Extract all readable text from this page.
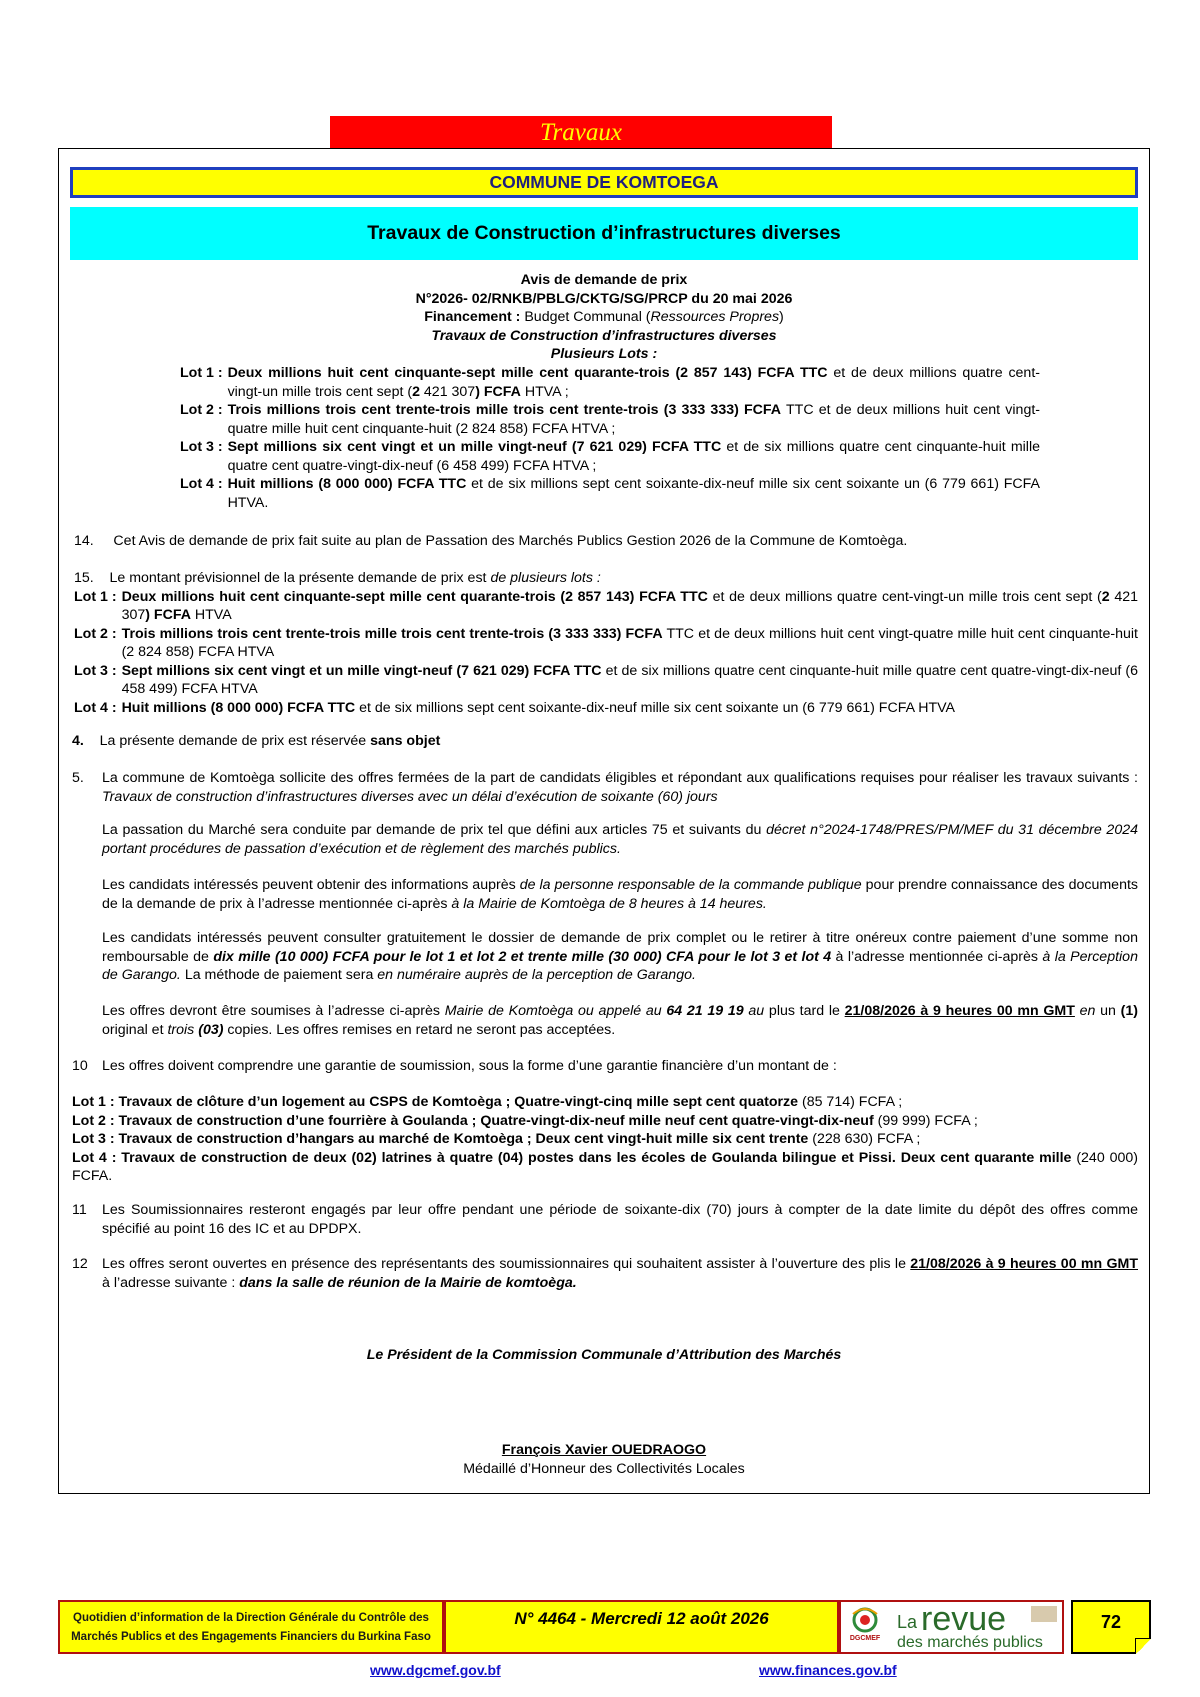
Travaux
COMMUNE DE KOMTOEGA
Travaux de Construction d’infrastructures diverses
Avis de demande de prix
N°2026- 02/RNKB/PBLG/CKTG/SG/PRCP du 20 mai 2026
Financement : Budget Communal (Ressources Propres)
Travaux de Construction d’infrastructures diverses
Plusieurs Lots :
Lot 1 : Deux millions huit cent cinquante-sept mille cent quarante-trois (2 857 143) FCFA TTC et de deux millions quatre cent-vingt-un mille trois cent sept (2 421 307) FCFA HTVA ;
Lot 2 : Trois millions trois cent trente-trois mille trois cent trente-trois (3 333 333) FCFA TTC et de deux millions huit cent vingt-quatre mille huit cent cinquante-huit (2 824 858) FCFA HTVA ;
Lot 3 : Sept millions six cent vingt et un mille vingt-neuf (7 621 029) FCFA TTC et de six millions quatre cent cinquante-huit mille quatre cent quatre-vingt-dix-neuf (6 458 499) FCFA HTVA ;
Lot 4 : Huit millions (8 000 000) FCFA TTC et de six millions sept cent soixante-dix-neuf mille six cent soixante un (6 779 661) FCFA HTVA.
14.     Cet Avis de demande de prix fait suite au plan de Passation des Marchés Publics Gestion 2026 de la Commune de Komtoèga.
15.    Le montant prévisionnel de la présente demande de prix est de plusieurs lots :
Lot 1 : Deux millions huit cent cinquante-sept mille cent quarante-trois (2 857 143) FCFA TTC et de deux millions quatre cent-vingt-un mille trois cent sept (2 421 307) FCFA HTVA
Lot 2 : Trois millions trois cent trente-trois mille trois cent trente-trois (3 333 333) FCFA TTC et de deux millions huit cent vingt-quatre mille huit cent cinquante-huit (2 824 858) FCFA HTVA
Lot 3 : Sept millions six cent vingt et un mille vingt-neuf (7 621 029) FCFA TTC et de six millions quatre cent cinquante-huit mille quatre cent quatre-vingt-dix-neuf (6 458 499) FCFA HTVA
Lot 4 : Huit millions (8 000 000) FCFA TTC et de six millions sept cent soixante-dix-neuf mille six cent soixante un (6 779 661) FCFA HTVA
4. La présente demande de prix est réservée sans objet
5. La commune de Komtoèga sollicite des offres fermées de la part de candidats éligibles et répondant aux qualifications requises pour réaliser les travaux suivants : Travaux de construction d’infrastructures diverses avec un délai d’exécution de soixante (60) jours
La passation du Marché sera conduite par demande de prix tel que défini aux articles 75 et suivants du décret n°2024-1748/PRES/PM/MEF du 31 décembre 2024 portant procédures de passation d’exécution et de règlement des marchés publics.
Les candidats intéressés peuvent obtenir des informations auprès de la personne responsable de la commande publique pour prendre connaissance des documents de la demande de prix à l’adresse mentionnée ci-après à la Mairie de Komtoèga de 8 heures à 14 heures.
Les candidats intéressés peuvent consulter gratuitement le dossier de demande de prix complet ou le retirer à titre onéreux contre paiement d’une somme non remboursable de dix mille (10 000) FCFA pour le lot 1 et lot 2 et trente mille (30 000) CFA pour le lot 3 et lot 4 à l’adresse mentionnée ci-après à la Perception de Garango. La méthode de paiement sera en numéraire auprès de la perception de Garango.
Les offres devront être soumises à l’adresse ci-après Mairie de Komtoèga ou appelé au 64 21 19 19 au plus tard le 21/08/2026 à 9 heures 00 mn GMT en un (1) original et trois (03) copies. Les offres remises en retard ne seront pas acceptées.
10 Les offres doivent comprendre une garantie de soumission, sous la forme d’une garantie financière d’un montant de :
Lot 1 : Travaux de clôture d’un logement au CSPS de Komtoèga ; Quatre-vingt-cinq mille sept cent quatorze (85 714) FCFA ;
Lot 2 : Travaux de construction d’une fourrière à Goulanda ; Quatre-vingt-dix-neuf mille neuf cent quatre-vingt-dix-neuf (99 999) FCFA ;
Lot 3 : Travaux de construction d’hangars au marché de Komtoèga ; Deux cent vingt-huit mille six cent trente (228 630) FCFA ;
Lot 4 : Travaux de construction de deux (02) latrines à quatre (04) postes dans les écoles de Goulanda bilingue et Pissi. Deux cent quarante mille (240 000) FCFA.
11 Les Soumissionnaires resteront engagés par leur offre pendant une période de soixante-dix (70) jours à compter de la date limite du dépôt des offres comme spécifié au point 16 des IC et au DPDPX.
12 Les offres seront ouvertes en présence des représentants des soumissionnaires qui souhaitent assister à l’ouverture des plis le 21/08/2026 à 9 heures 00 mn GMT à l’adresse suivante : dans la salle de réunion de la Mairie de komtoèga.
Le Président de la Commission Communale d’Attribution des Marchés
François Xavier OUEDRAOGO
Médaillé d’Honneur des Collectivités Locales
Quotidien d’information de la Direction Générale du Contrôle des
Marchés Publics et des Engagements Financiers du Burkina Faso
N° 4464 - Mercredi 12 août 2026
DGCMEF
La revue
des marchés publics
72
www.dgcmef.gov.bf	www.finances.gov.bf
